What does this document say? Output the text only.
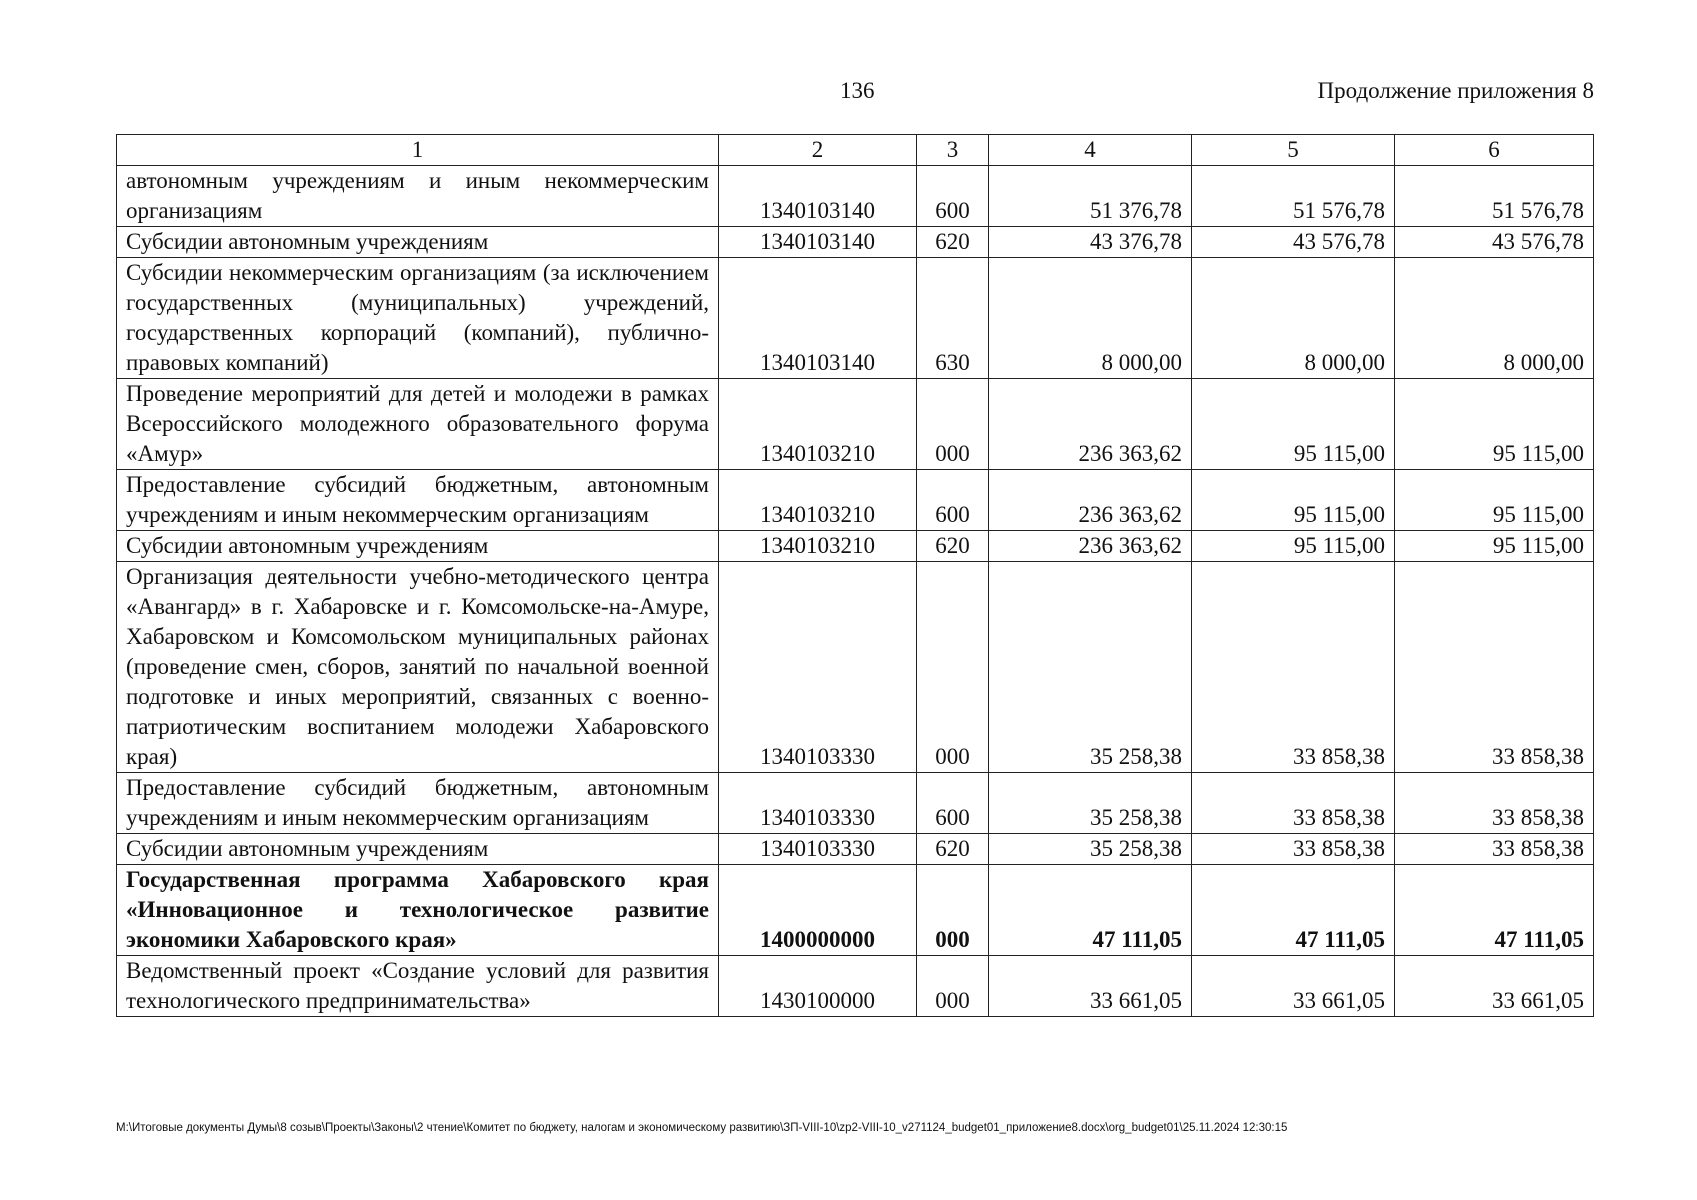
136	Продолжение приложения 8
1	2	3	4	5	6
автономным учреждениям и иным некоммерческим организациям	1340103140	600	51 376,78	51 576,78	51 576,78
Субсидии автономным учреждениям	1340103140	620	43 376,78	43 576,78	43 576,78
Субсидии некоммерческим организациям (за исключением государственных (муниципальных) учреждений, государственных корпораций (компаний), публично-правовых компаний)	1340103140	630	8 000,00	8 000,00	8 000,00
Проведение мероприятий для детей и молодежи в рамках Всероссийского молодежного образовательного форума «Амур»	1340103210	000	236 363,62	95 115,00	95 115,00
Предоставление субсидий бюджетным, автономным учреждениям и иным некоммерческим организациям	1340103210	600	236 363,62	95 115,00	95 115,00
Субсидии автономным учреждениям	1340103210	620	236 363,62	95 115,00	95 115,00
Организация деятельности учебно-методического центра «Авангард» в г. Хабаровске и г. Комсомольске-на-Амуре, Хабаровском и Комсомольском муниципальных районах (проведение смен, сборов, занятий по начальной военной подготовке и иных мероприятий, связанных с военно-патриотическим воспитанием молодежи Хабаровского края)	1340103330	000	35 258,38	33 858,38	33 858,38
Предоставление субсидий бюджетным, автономным учреждениям и иным некоммерческим организациям	1340103330	600	35 258,38	33 858,38	33 858,38
Субсидии автономным учреждениям	1340103330	620	35 258,38	33 858,38	33 858,38
Государственная программа Хабаровского края «Инновационное и технологическое развитие экономики Хабаровского края»	1400000000	000	47 111,05	47 111,05	47 111,05
Ведомственный проект «Создание условий для развития технологического предпринимательства»	1430100000	000	33 661,05	33 661,05	33 661,05
М:\Итоговые документы Думы\8 созыв\Проекты\Законы\2 чтение\Комитет по бюджету, налогам и экономическому развитию\ЗП-VIII-10\zp2-VIII-10_v271124_budget01_приложение8.docx\org_budget01\25.11.2024 12:30:15
